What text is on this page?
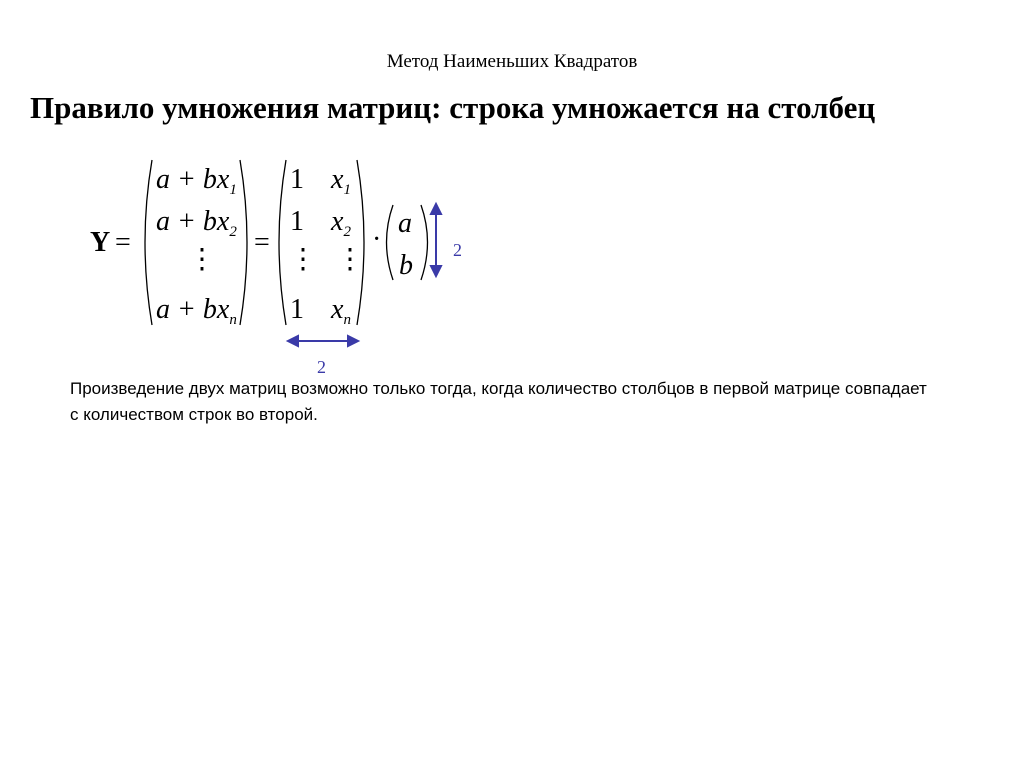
Метод Наименьших Квадратов
Правило умножения матриц: строка умножается на столбец
Y =
$a + bx_1$
$a + bx_2$
⋮
$a + bx_n$
=
1 $x_1$
1 $x_2$
⋮ ⋮
1 $x_n$
·
a
b 2
2
Произведение двух матриц возможно только тогда, когда количество столбцов в первой матрице совпадает с количеством строк во второй.
